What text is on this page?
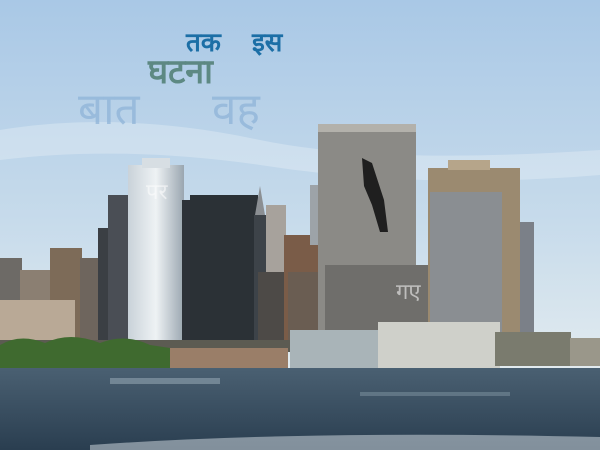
तक इस
घटना
बात वह
पर
गए
